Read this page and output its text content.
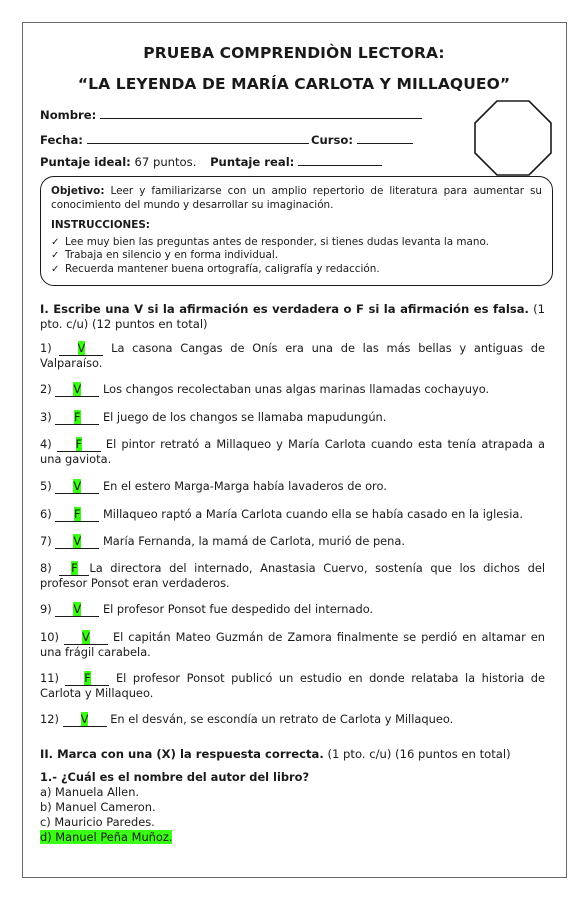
PRUEBA COMPRENDIÒN LECTORA:
“LA LEYENDA DE MARÍA CARLOTA Y MILLAQUEO”
Nombre:
Fecha:	Curso:
Puntaje ideal: 67 puntos. Puntaje real:
Objetivo: Leer y familiarizarse con un amplio repertorio de literatura para aumentar su conocimiento del mundo y desarrollar su imaginación.
INSTRUCCIONES:
✓ Lee muy bien las preguntas antes de responder, si tienes dudas levanta la mano.
✓ Trabaja en silencio y en forma individual.
✓ Recuerda mantener buena ortografía, caligrafía y redacción.
I. Escribe una V si la afirmación es verdadera o F si la afirmación es falsa. (1 pto. c/u) (12 puntos en total)
1) V La casona Cangas de Onís era una de las más bellas y antiguas de Valparaíso.
2) V Los changos recolectaban unas algas marinas llamadas cochayuyo.
3) F El juego de los changos se llamaba mapudungún.
4) F El pintor retrató a Millaqueo y María Carlota cuando esta tenía atrapada a una gaviota.
5) V En el estero Marga-Marga había lavaderos de oro.
6) F Millaqueo raptó a María Carlota cuando ella se había casado en la iglesia.
7) V María Fernanda, la mamá de Carlota, murió de pena.
8) F La directora del internado, Anastasia Cuervo, sostenía que los dichos del profesor Ponsot eran verdaderos.
9) V El profesor Ponsot fue despedido del internado.
10) V El capitán Mateo Guzmán de Zamora finalmente se perdió en altamar en una frágil carabela.
11) F El profesor Ponsot publicó un estudio en donde relataba la historia de Carlota y Millaqueo.
12) V En el desván, se escondía un retrato de Carlota y Millaqueo.
II. Marca con una (X) la respuesta correcta. (1 pto. c/u) (16 puntos en total)
1.- ¿Cuál es el nombre del autor del libro?
a) Manuela Allen.
b) Manuel Cameron.
c) Mauricio Paredes.
d) Manuel Peña Muñoz.
